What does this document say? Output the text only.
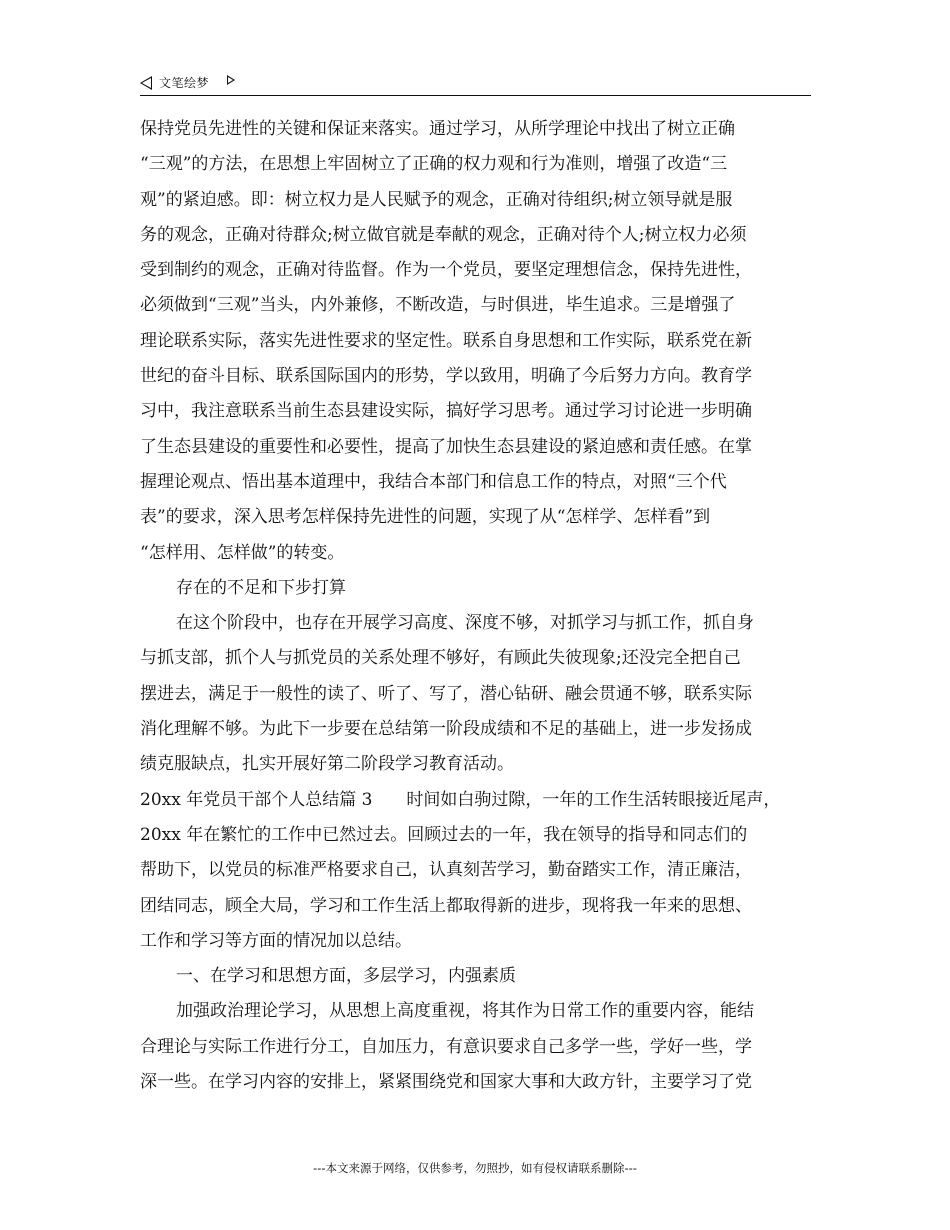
文笔绘梦
保持党员先进性的关键和保证来落实。通过学习，从所学理论中找出了树立正确
“三观”的方法，在思想上牢固树立了正确的权力观和行为准则，增强了改造“三
观”的紧迫感。即：树立权力是人民赋予的观念，正确对待组织;树立领导就是服
务的观念，正确对待群众;树立做官就是奉献的观念，正确对待个人;树立权力必须
受到制约的观念，正确对待监督。作为一个党员，要坚定理想信念，保持先进性，
必须做到“三观”当头，内外兼修，不断改造，与时俱进，毕生追求。三是增强了
理论联系实际，落实先进性要求的坚定性。联系自身思想和工作实际，联系党在新
世纪的奋斗目标、联系国际国内的形势，学以致用，明确了今后努力方向。教育学
习中，我注意联系当前生态县建设实际，搞好学习思考。通过学习讨论进一步明确
了生态县建设的重要性和必要性，提高了加快生态县建设的紧迫感和责任感。在掌
握理论观点、悟出基本道理中，我结合本部门和信息工作的特点，对照“三个代
表”的要求，深入思考怎样保持先进性的问题，实现了从“怎样学、怎样看”到
“怎样用、怎样做”的转变。
存在的不足和下步打算
在这个阶段中，也存在开展学习高度、深度不够，对抓学习与抓工作，抓自身
与抓支部，抓个人与抓党员的关系处理不够好，有顾此失彼现象;还没完全把自己
摆进去，满足于一般性的读了、听了、写了，潜心钻研、融会贯通不够，联系实际
消化理解不够。为此下一步要在总结第一阶段成绩和不足的基础上，进一步发扬成
绩克服缺点，扎实开展好第二阶段学习教育活动。
20xx 年党员干部个人总结篇 3　　时间如白驹过隙，一年的工作生活转眼接近尾声，
20xx 年在繁忙的工作中已然过去。回顾过去的一年，我在领导的指导和同志们的
帮助下，以党员的标准严格要求自己，认真刻苦学习，勤奋踏实工作，清正廉洁，
团结同志，顾全大局，学习和工作生活上都取得新的进步，现将我一年来的思想、
工作和学习等方面的情况加以总结。
一、在学习和思想方面，多层学习，内强素质
加强政治理论学习，从思想上高度重视，将其作为日常工作的重要内容，能结
合理论与实际工作进行分工，自加压力，有意识要求自己多学一些，学好一些，学
深一些。在学习内容的安排上，紧紧围绕党和国家大事和大政方针，主要学习了党
---本文来源于网络，仅供参考，勿照抄，如有侵权请联系删除---
